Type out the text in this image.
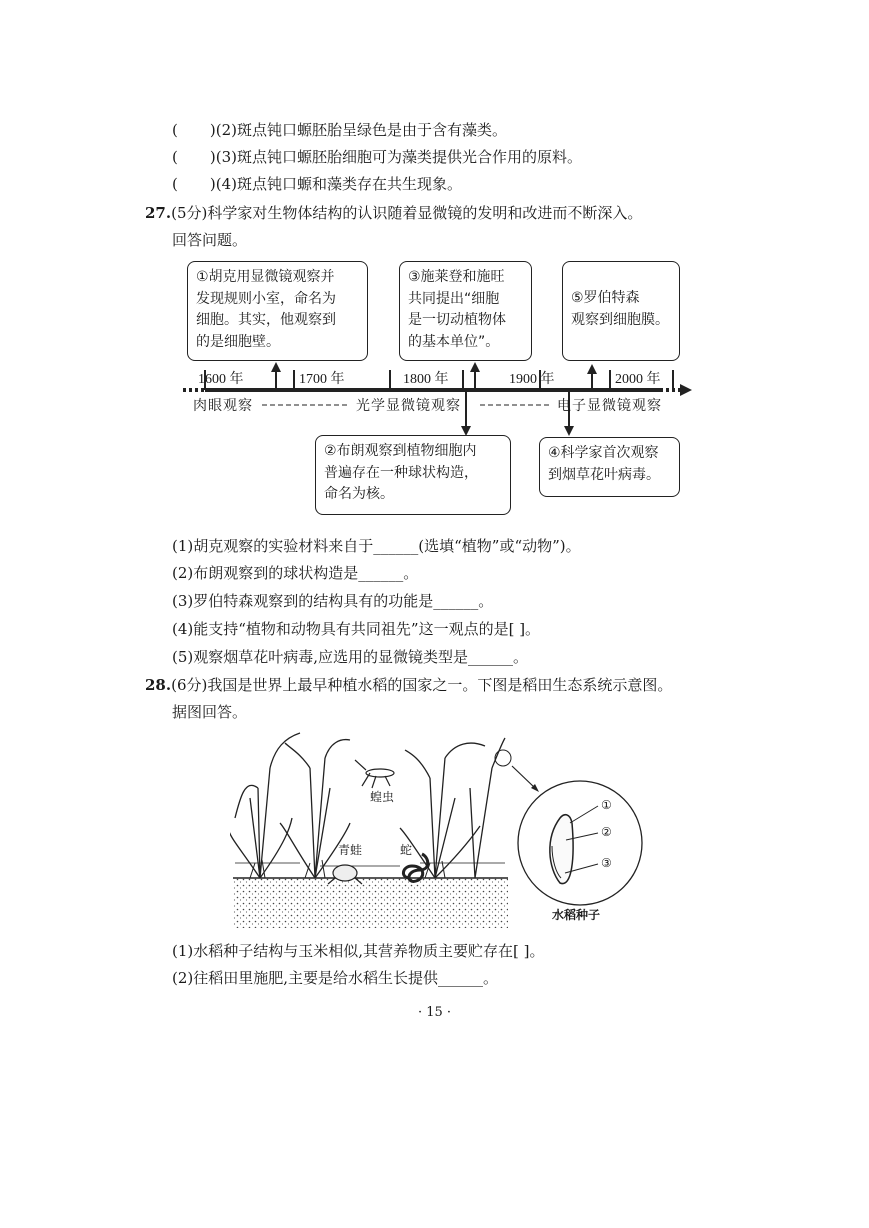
( )(2)斑点钝口螈胚胎呈绿色是由于含有藻类。
( )(3)斑点钝口螈胚胎细胞可为藻类提供光合作用的原料。
( )(4)斑点钝口螈和藻类存在共生现象。
27.(5分)科学家对生物体结构的认识随着显微镜的发明和改进而不断深入。
回答问题。
1600 年	1700 年	1800 年	1900 年	2000 年
肉眼观察	光学显微镜观察	电子显微镜观察
①胡克用显微镜观察并
发现规则小室，命名为
细胞。其实，他观察到
的是细胞壁。
③施莱登和施旺
共同提出“细胞
是一切动植物体
的基本单位”。
⑤罗伯特森
观察到细胞膜。
②布朗观察到植物细胞内
普遍存在一种球状构造，
命名为核。
④科学家首次观察
到烟草花叶病毒。
(1)胡克观察的实验材料来自于______(选填“植物”或“动物”)。
(2)布朗观察到的球状构造是______。
(3)罗伯特森观察到的结构具有的功能是______。
(4)能支持“植物和动物具有共同祖先”这一观点的是[ ]。
(5)观察烟草花叶病毒,应选用的显微镜类型是______。
28.(6分)我国是世界上最早种植水稻的国家之一。下图是稻田生态系统示意图。
据图回答。
蝗虫
青蛙	蛇
①
②
③
水稻种子
(1)水稻种子结构与玉米相似,其营养物质主要贮存在[ ]。
(2)往稻田里施肥,主要是给水稻生长提供______。
· 15 ·
